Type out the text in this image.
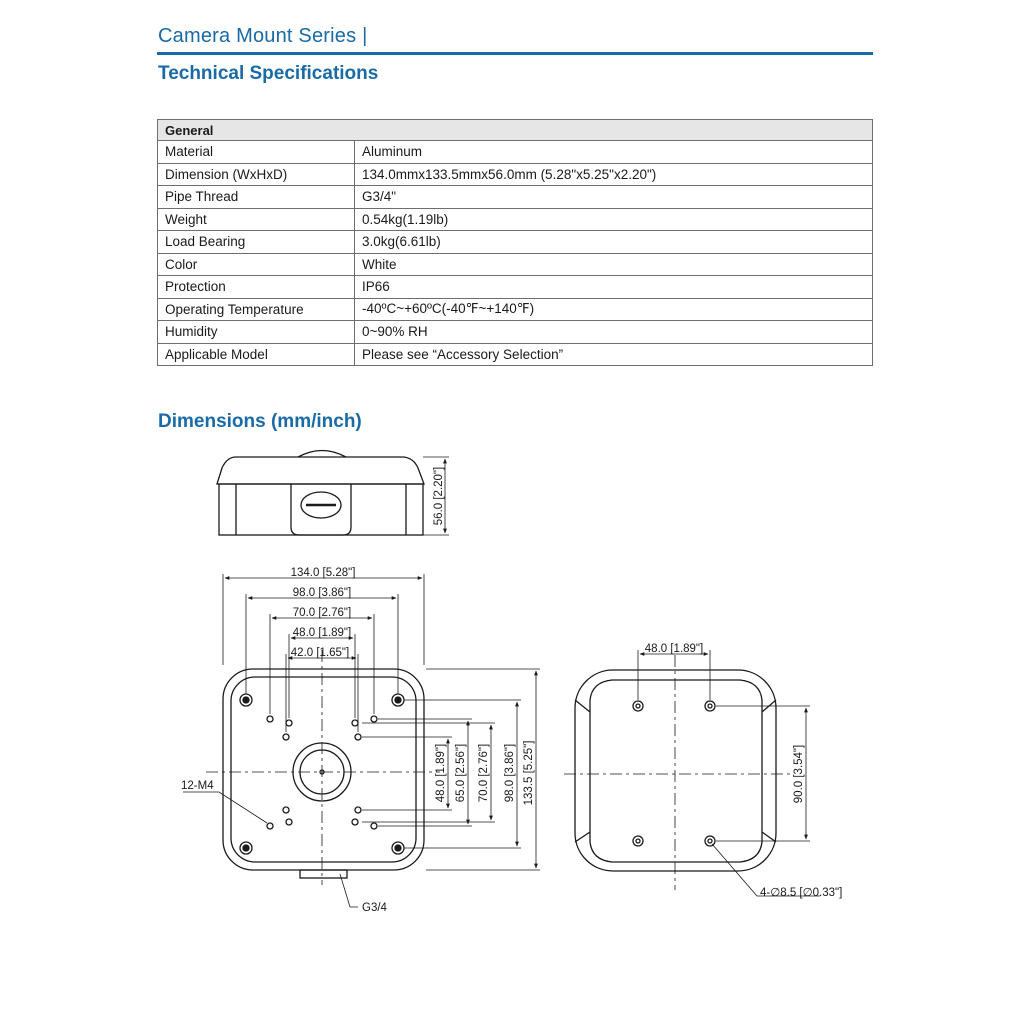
Camera Mount Series |
Technical Specifications
General	
Material	Aluminum
Dimension (WxHxD)	134.0mmx133.5mmx56.0mm (5.28"x5.25"x2.20")
Pipe Thread	G3/4"
Weight	0.54kg(1.19lb)
Load Bearing	3.0kg(6.61lb)
Color	White
Protection	IP66
Operating Temperature	-40ºC~+60ºC(-40℉~+140℉)
Humidity	0~90% RH
Applicable Model	Please see “Accessory Selection”
Dimensions (mm/inch)
56.0 [2.20"]
134.0 [5.28"]
98.0 [3.86"]
70.0 [2.76"]
48.0 [1.89"]
42.0 [1.65"]
48.0 [1.89"] 65.0 [2.56"] 70.0 [2.76"] 98.0 [3.86"] 133.5 [5.25"]
12-M4
G3/4
48.0 [1.89"]
90.0 [3.54"]
4-∅8.5 [∅0.33"]
